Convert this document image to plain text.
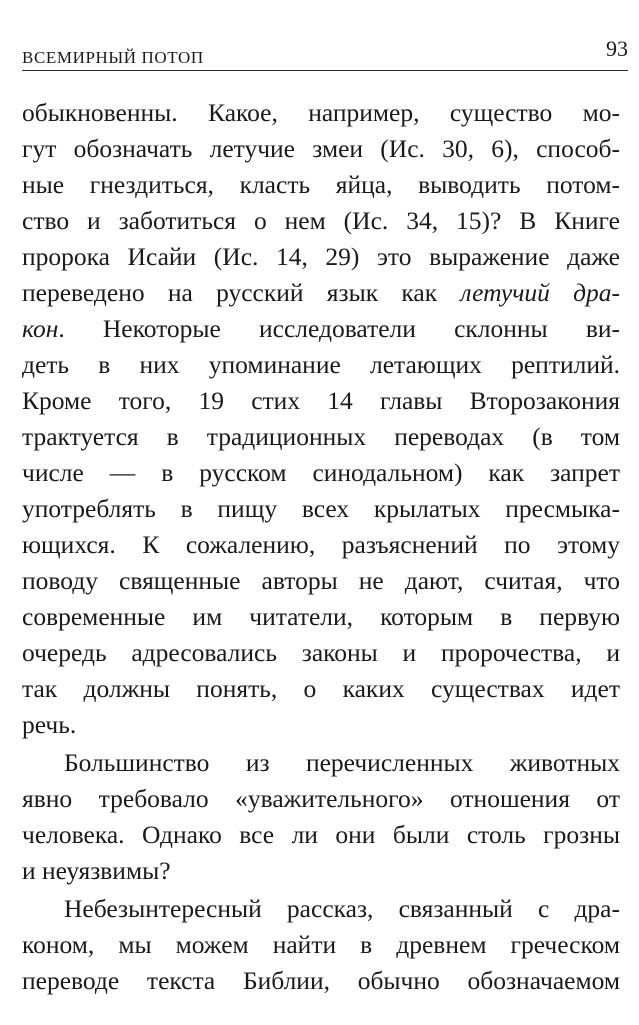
ВСЕМИРНЫЙ ПОТОП	93
обыкновенны. Какое, например, существо мо-
гут обозначать летучие змеи (Ис. 30, 6), способ-
ные гнездиться, класть яйца, выводить потом-
ство и заботиться о нем (Ис. 34, 15)? В Книге
пророка Исайи (Ис. 14, 29) это выражение даже
переведено на русский язык как летучий дра-
кон. Некоторые исследователи склонны ви-
деть в них упоминание летающих рептилий.
Кроме того, 19 стих 14 главы Второзакония
трактуется в традиционных переводах (в том
числе — в русском синодальном) как запрет
употреблять в пищу всех крылатых пресмыка-
ющихся. К сожалению, разъяснений по этому
поводу священные авторы не дают, считая, что
современные им читатели, которым в первую
очередь адресовались законы и пророчества, и
так должны понять, о каких существах идет
речь.
Большинство из перечисленных животных
явно требовало «уважительного» отношения от
человека. Однако все ли они были столь грозны
и неуязвимы?
Небезынтересный рассказ, связанный с дра-
коном, мы можем найти в древнем греческом
переводе текста Библии, обычно обозначаемом
